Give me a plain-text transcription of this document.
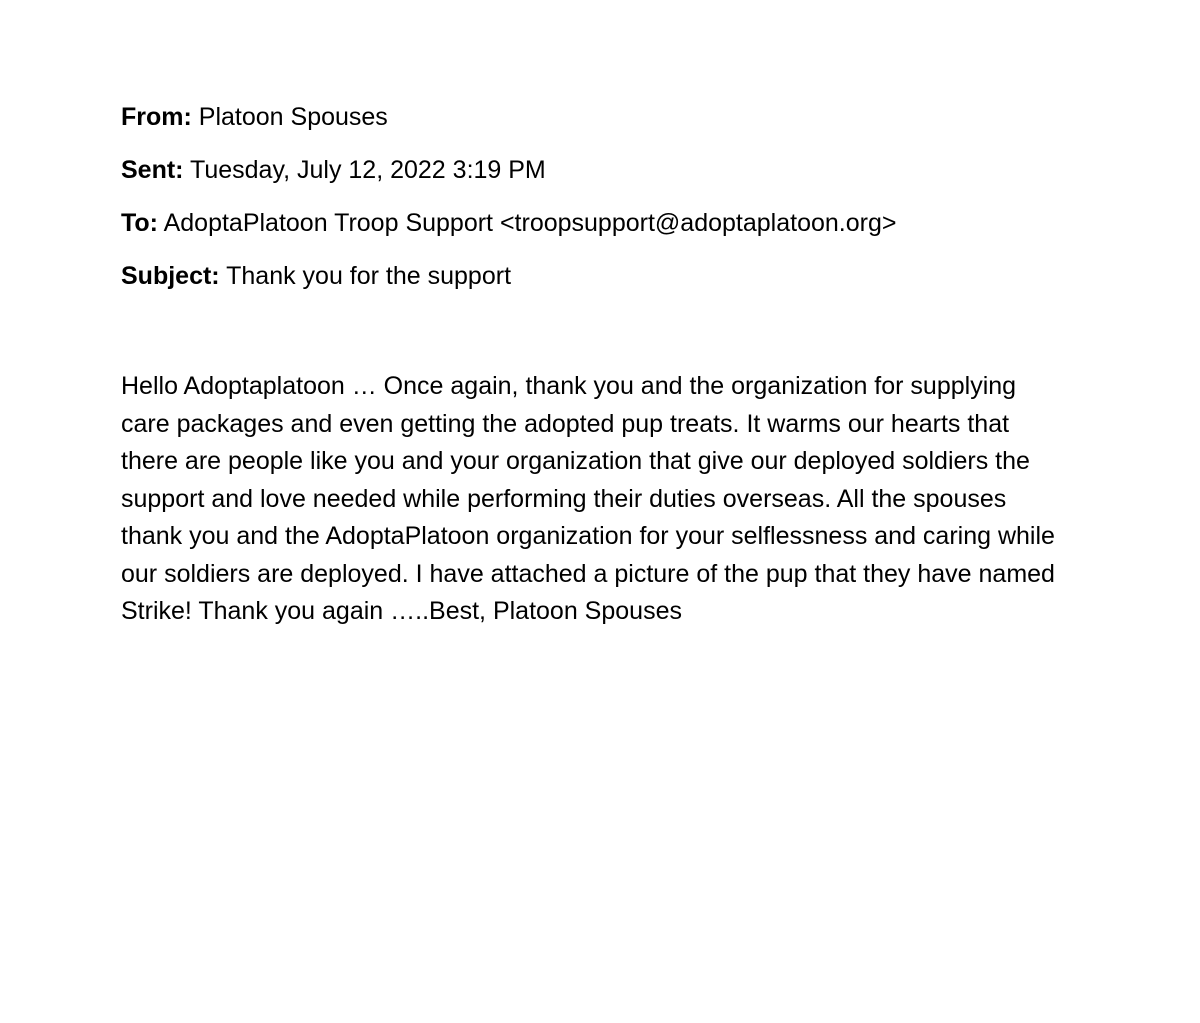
From: Platoon Spouses
Sent: Tuesday, July 12, 2022 3:19 PM
To: AdoptaPlatoon Troop Support <troopsupport@adoptaplatoon.org>
Subject: Thank you for the support
Hello Adoptaplatoon … Once again, thank you and the organization for supplying care packages and even getting the adopted pup treats. It warms our hearts that there are people like you and your organization that give our deployed soldiers the support and love needed while performing their duties overseas. All the spouses thank you and the AdoptaPlatoon organization for your selflessness and caring while our soldiers are deployed. I have attached a picture of the pup that they have named Strike! Thank you again …..Best, Platoon Spouses
